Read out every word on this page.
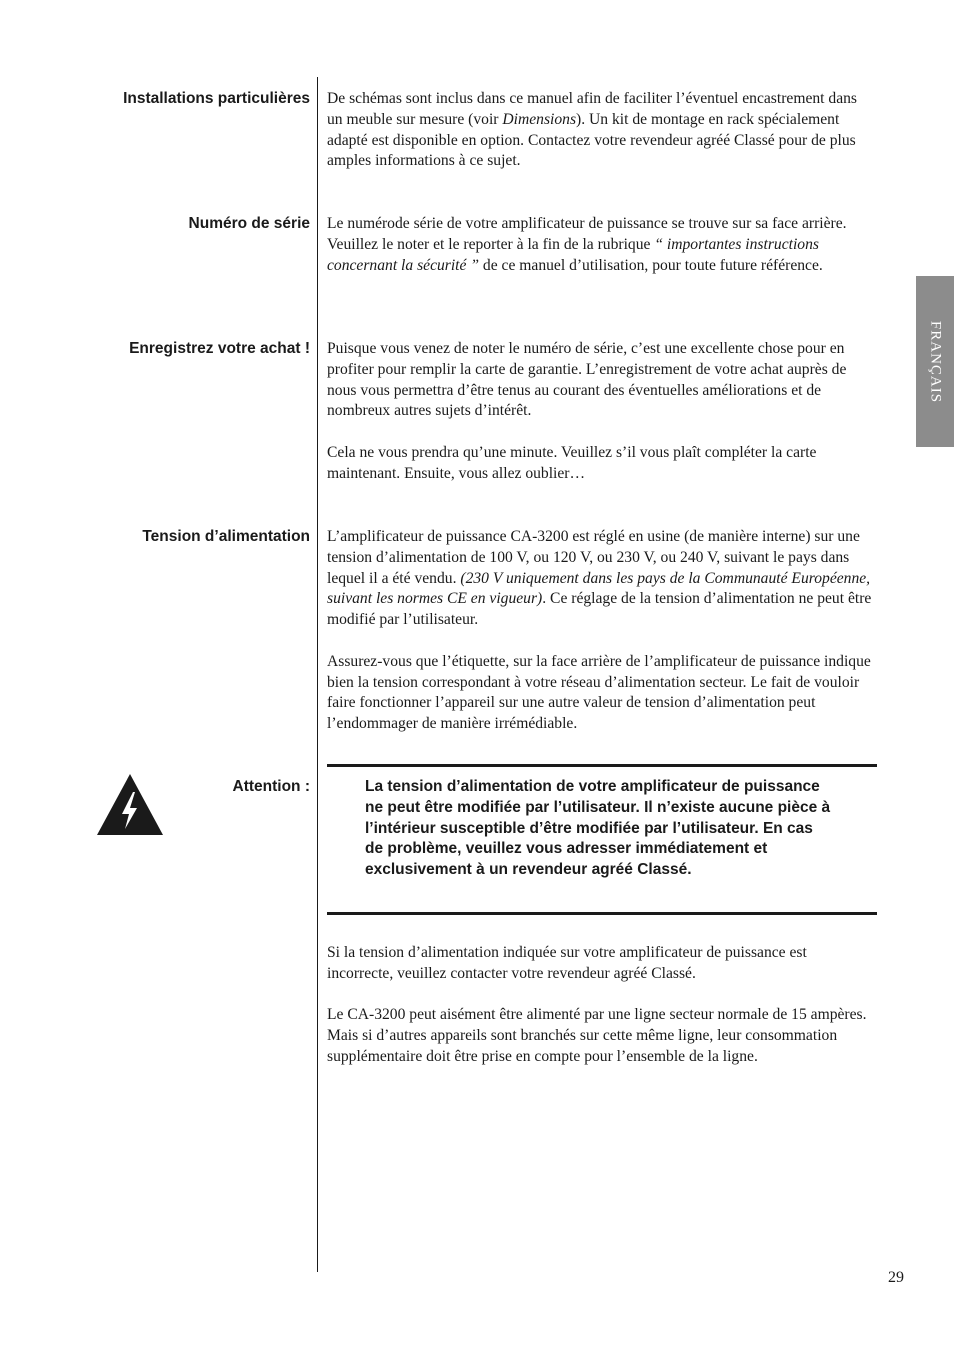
Installations particulières De schémas sont inclus dans ce manuel afin de faciliter l’éventuel encastrement dans un meuble sur mesure (voir Dimensions). Un kit de montage en rack spécialement adapté est disponible en option. Contactez votre revendeur agréé Classé pour de plus amples informations à ce sujet.

Numéro de série Le numérode série de votre amplificateur de puissance se trouve sur sa face arrière. Veuillez le noter et le reporter à la fin de la rubrique “ importantes instructions concernant la sécurité ” de ce manuel d’utilisation, pour toute future référence.

Enregistrez votre achat ! Puisque vous venez de noter le numéro de série, c’est une excellente chose pour en profiter pour remplir la carte de garantie. L’enregistrement de votre achat auprès de nous vous permettra d’être tenus au courant des éventuelles améliorations et de nombreux autres sujets d’intérêt.

Cela ne vous prendra qu’une minute. Veuillez s’il vous plaît compléter la carte maintenant. Ensuite, vous allez oublier…

Tension d’alimentation L’amplificateur de puissance CA-3200 est réglé en usine (de manière interne) sur une tension d’alimentation de 100 V, ou 120 V, ou 230 V, ou 240 V, suivant le pays dans lequel il a été vendu. (230 V uniquement dans les pays de la Communauté Européenne, suivant les normes CE en vigueur). Ce réglage de la tension d’alimentation ne peut être modifié par l’utilisateur.

Assurez-vous que l’étiquette, sur la face arrière de l’amplificateur de puissance indique bien la tension correspondant à votre réseau d’alimentation secteur. Le fait de vouloir faire fonctionner l’appareil sur une autre valeur de tension d’alimentation peut l’endommager de manière irrémédiable.

Attention :	La tension d’alimentation de votre amplificateur de puissance ne peut être modifiée par l’utilisateur. Il n’existe aucune pièce à l’intérieur susceptible d’être modifiée par l’utilisateur. En cas de problème, veuillez vous adresser immédiatement et exclusivement à un revendeur agréé Classé.

Si la tension d’alimentation indiquée sur votre amplificateur de puissance est incorrecte, veuillez contacter votre revendeur agréé Classé.

Le CA-3200 peut aisément être alimenté par une ligne secteur normale de 15 ampères. Mais si d’autres appareils sont branchés sur cette même ligne, leur consommation supplémentaire doit être prise en compte pour l’ensemble de la ligne.

FRANÇAIS
29
